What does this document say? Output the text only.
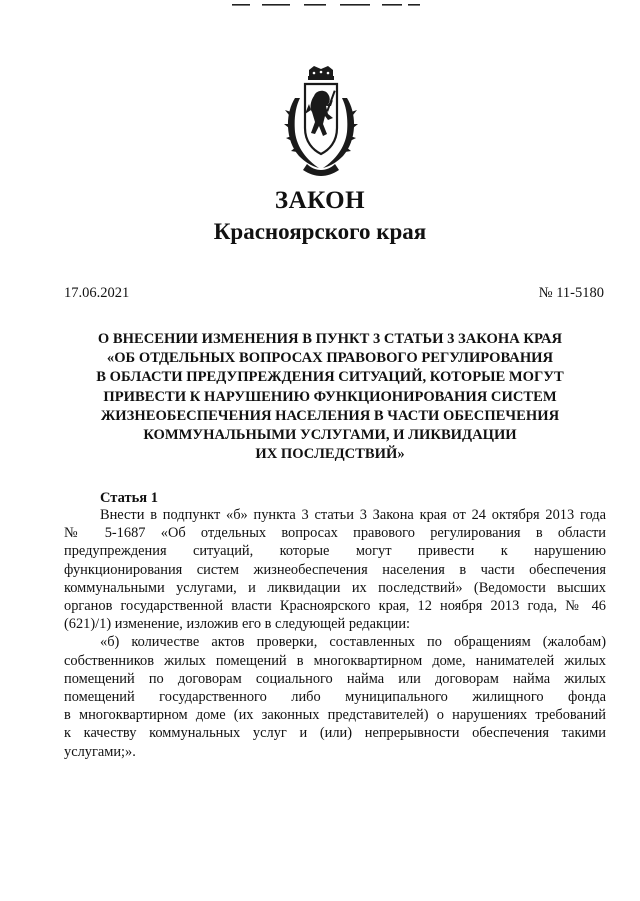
ЗАКОН
Красноярского края
17.06.2021	№ 11-5180
О ВНЕСЕНИИ ИЗМЕНЕНИЯ В ПУНКТ 3 СТАТЬИ 3 ЗАКОНА КРАЯ
«ОБ ОТДЕЛЬНЫХ ВОПРОСАХ ПРАВОВОГО РЕГУЛИРОВАНИЯ
В ОБЛАСТИ ПРЕДУПРЕЖДЕНИЯ СИТУАЦИЙ, КОТОРЫЕ МОГУТ
ПРИВЕСТИ К НАРУШЕНИЮ ФУНКЦИОНИРОВАНИЯ СИСТЕМ
ЖИЗНЕОБЕСПЕЧЕНИЯ НАСЕЛЕНИЯ В ЧАСТИ ОБЕСПЕЧЕНИЯ
КОММУНАЛЬНЫМИ УСЛУГАМИ, И ЛИКВИДАЦИИ
ИХ ПОСЛЕДСТВИЙ»
Статья 1
Внести в подпункт «б» пункта 3 статьи 3 Закона края от 24 октября 2013 года
№ 5-1687 «Об отдельных вопросах правового регулирования в области
предупреждения ситуаций, которые могут привести к нарушению
функционирования систем жизнеобеспечения населения в части обеспечения
коммунальными услугами, и ликвидации их последствий» (Ведомости высших
органов государственной власти Красноярского края, 12 ноября 2013 года, № 46
(621)/1) изменение, изложив его в следующей редакции:
«б) количестве актов проверки, составленных по обращениям (жалобам)
собственников жилых помещений в многоквартирном доме, нанимателей жилых
помещений по договорам социального найма или договорам найма жилых
помещений государственного либо муниципального жилищного фонда
в многоквартирном доме (их законных представителей) о нарушениях требований
к качеству коммунальных услуг и (или) непрерывности обеспечения такими
услугами;».
